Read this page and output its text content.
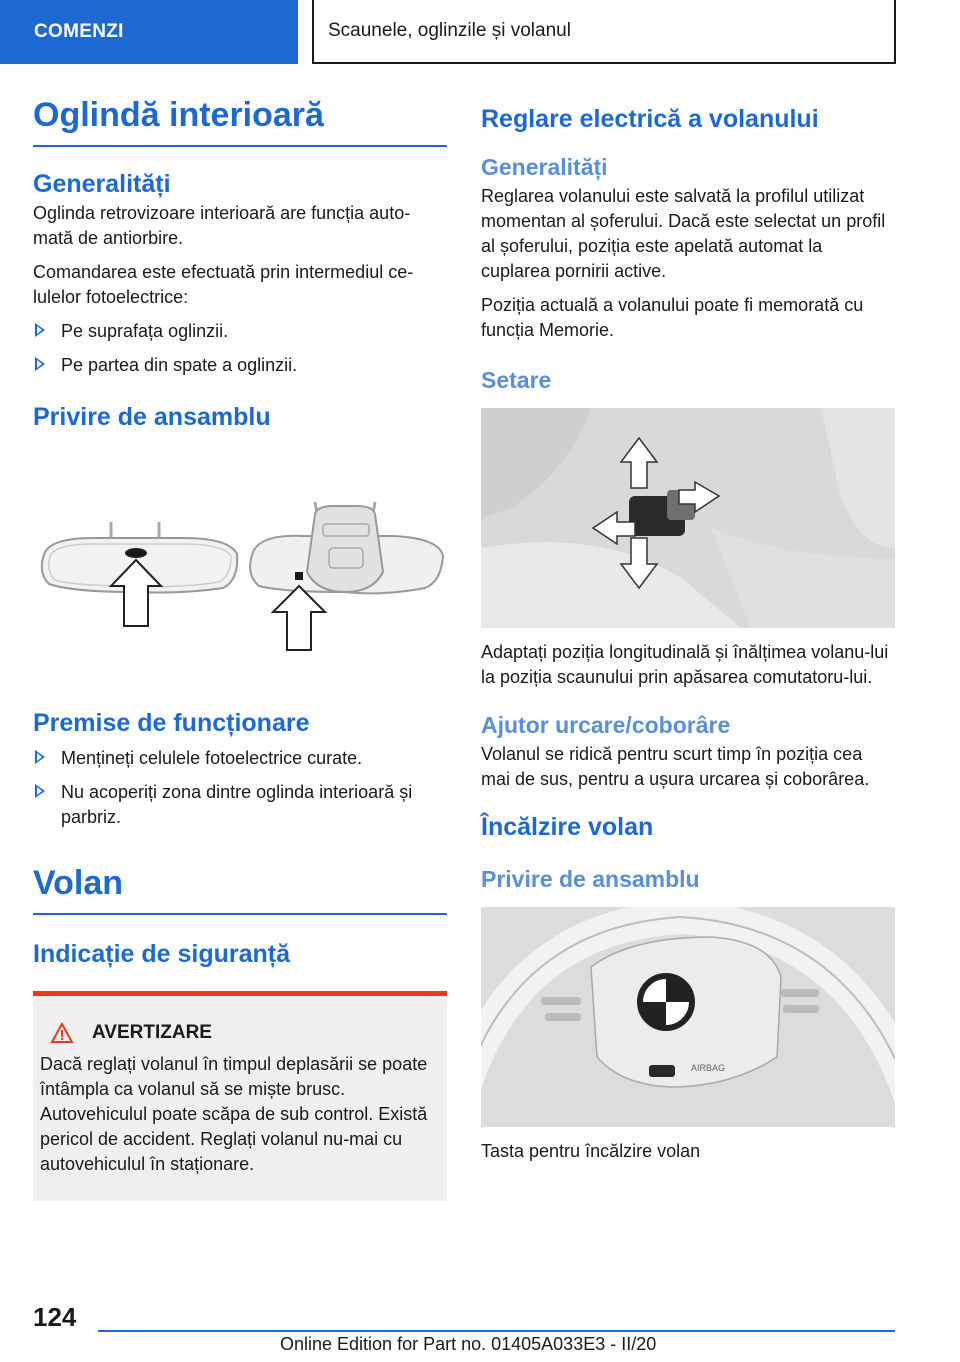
COMENZI	Scaunele, oglinzile și volanul
Oglindă interioară
Generalități

Oglinda retrovizoare interioară are funcția auto-mată de antiorbire.

Comandarea este efectuată prin intermediul ce-lulelor fotoelectrice:

Pe suprafața oglinzii.
Pe partea din spate a oglinzii.
Privire de ansamblu
Premise de funcționare
Mențineți celulele fotoelectrice curate.
Nu acoperiți zona dintre oglinda interioară și parbriz.
Volan
Indicație de siguranță
AVERTIZARE

Dacă reglați volanul în timpul deplasării se poate întâmpla ca volanul să se miște brusc. Autovehiculul poate scăpa de sub control. Există pericol de accident. Reglați volanul nu-mai cu autovehiculul în staționare.

Reglare electrică a volanului
Generalități

Reglarea volanului este salvată la profilul utilizat momentan al șoferului. Dacă este selectat un profil al șoferului, poziția este apelată automat la cuplarea pornirii active.

Poziția actuală a volanului poate fi memorată cu funcția Memorie.

Setare

Adaptați poziția longitudinală și înălțimea volanu-lui la poziția scaunului prin apăsarea comutatoru-lui.

Ajutor urcare/coborâre

Volanul se ridică pentru scurt timp în poziția cea mai de sus, pentru a ușura urcarea și coborârea.

Încălzire volan
Privire de ansamblu
AIRBAG

Tasta pentru încălzire volan

124
Online Edition for Part no. 01405A033E3 - II/20
